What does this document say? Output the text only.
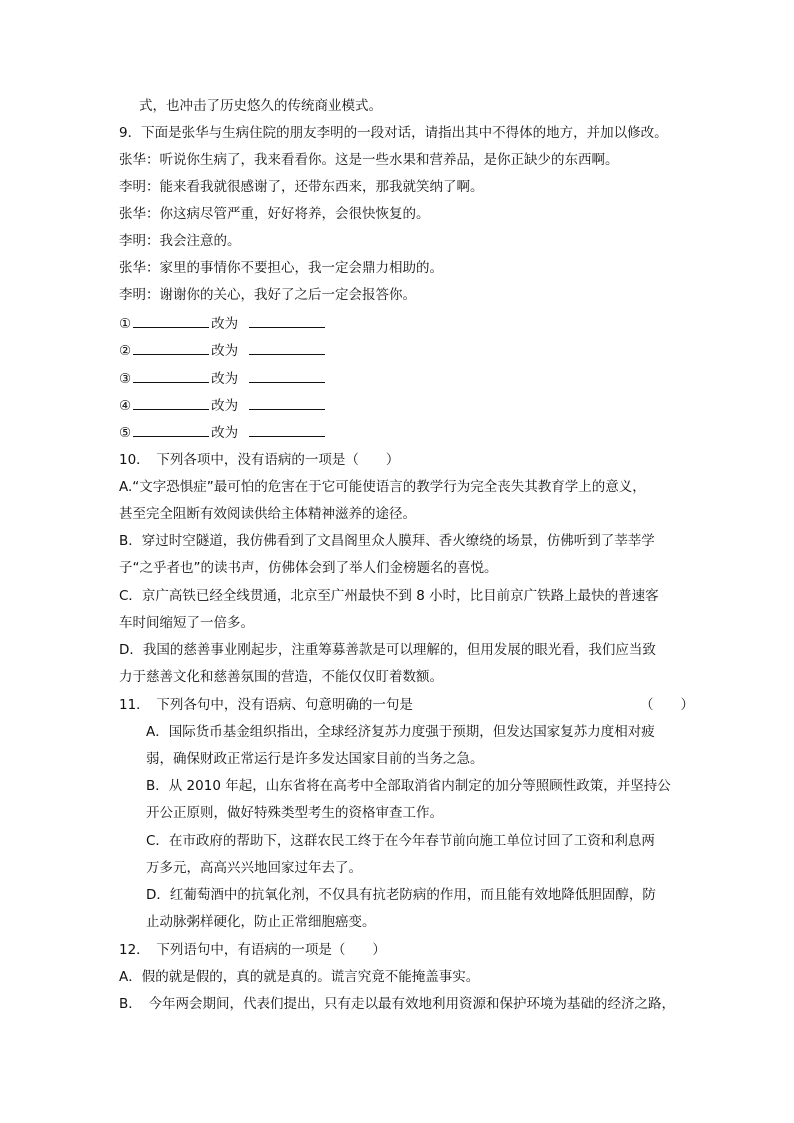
式，也冲击了历史悠久的传统商业模式。
9．下面是张华与生病住院的朋友李明的一段对话，请指出其中不得体的地方，并加以修改。
张华：听说你生病了，我来看看你。这是一些水果和营养品，是你正缺少的东西啊。
李明：能来看我就很感谢了，还带东西来，那我就笑纳了啊。
张华：你这病尽管严重，好好将养，会很快恢复的。
李明：我会注意的。
张华：家里的事情你不要担心，我一定会鼎力相助的。
李明：谢谢你的关心，我好了之后一定会报答你。
①	改为
②	改为
③	改为
④	改为
⑤	改为
10．　下列各项中，没有语病的一项是（　　）
A.“文字恐惧症”最可怕的危害在于它可能使语言的教学行为完全丧失其教育学上的意义，
甚至完全阻断有效阅读供给主体精神滋养的途径。
B．穿过时空隧道，我仿佛看到了文昌阁里众人膜拜、香火缭绕的场景，仿佛听到了莘莘学
子“之乎者也”的读书声，仿佛体会到了举人们金榜题名的喜悦。
C．京广高铁已经全线贯通，北京至广州最快不到 8 小时，比目前京广铁路上最快的普速客
车时间缩短了一倍多。
D．我国的慈善事业刚起步，注重筹募善款是可以理解的，但用发展的眼光看，我们应当致
力于慈善文化和慈善氛围的营造，不能仅仅盯着数额。
11．　下列各句中，没有语病、句意明确的一句是	（　　）
A．国际货币基金组织指出，全球经济复苏力度强于预期，但发达国家复苏力度相对疲
弱，确保财政正常运行是许多发达国家目前的当务之急。
B．从 2010 年起，山东省将在高考中全部取消省内制定的加分等照顾性政策，并坚持公
开公正原则，做好特殊类型考生的资格审查工作。
C．在市政府的帮助下，这群农民工终于在今年春节前向施工单位讨回了工资和利息两
万多元，高高兴兴地回家过年去了。
D．红葡萄酒中的抗氧化剂，不仅具有抗老防病的作用，而且能有效地降低胆固醇，防
止动脉粥样硬化，防止正常细胞癌变。
12．　下列语句中，有语病的一项是（　　）
A．假的就是假的，真的就是真的。谎言究竟不能掩盖事实。
B．　今年两会期间，代表们提出，只有走以最有效地利用资源和保护环境为基础的经济之路，
